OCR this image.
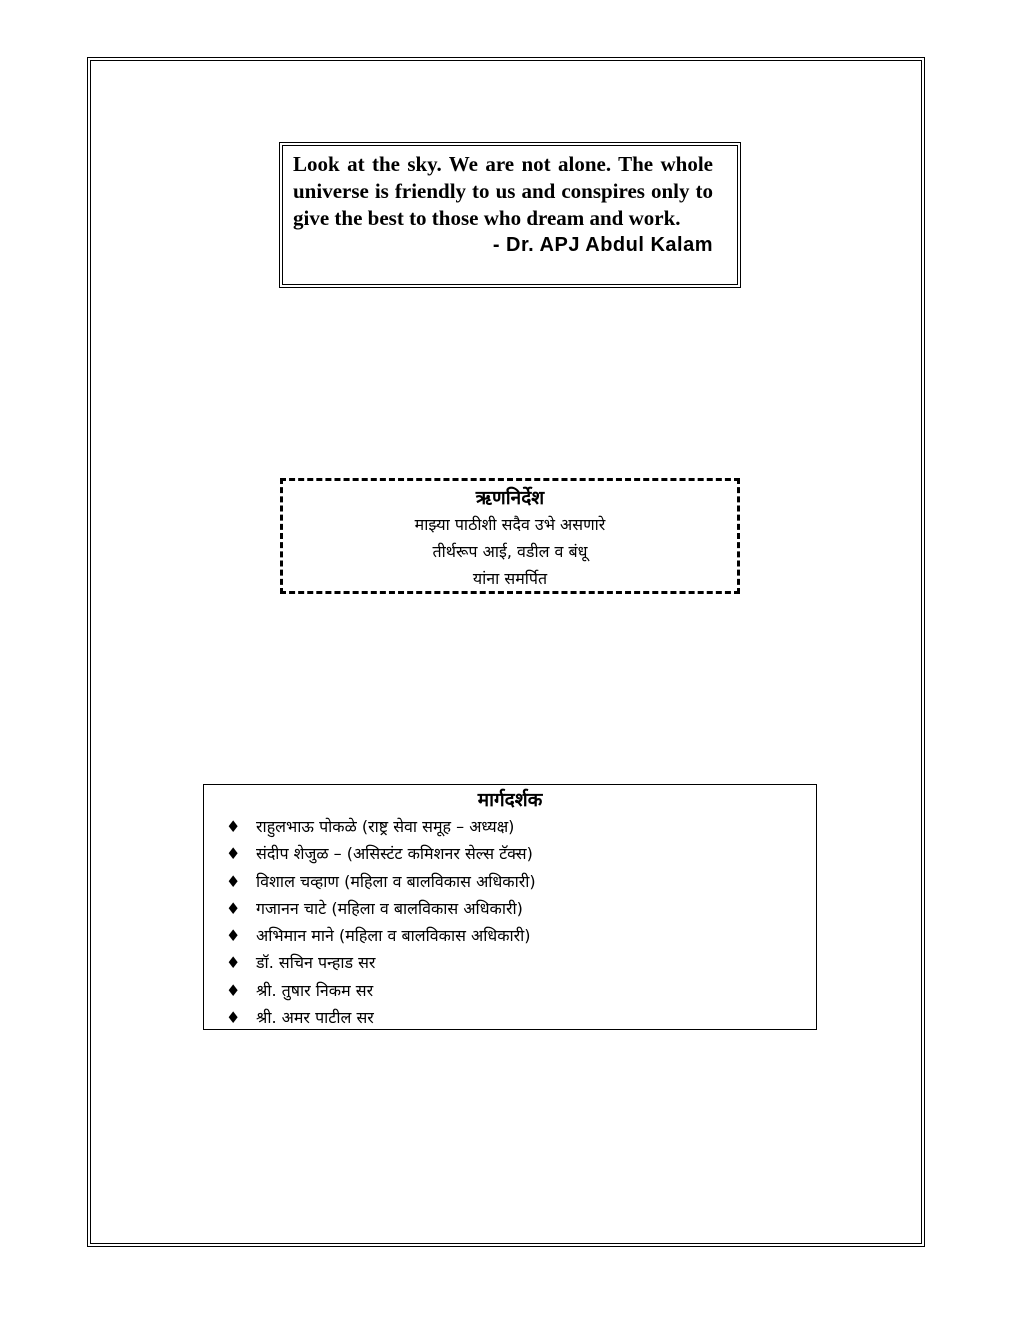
Look at the sky. We are not alone. The whole universe is friendly to us and conspires only to give the best to those who dream and work.

- Dr. APJ Abdul Kalam

ऋणनिर्देश

माझ्या पाठीशी सदैव उभे असणारे

तीर्थरूप आई, वडील व बंधू

यांना समर्पित

मार्गदर्शक

♦ राहुलभाऊ पोकळे (राष्ट्र सेवा समूह – अध्यक्ष)
♦ संदीप शेजुळ – (असिस्टंट कमिशनर सेल्स टॅक्स)
♦ विशाल चव्हाण (महिला व बालविकास अधिकारी)
♦ गजानन चाटे (महिला व बालविकास अधिकारी)
♦ अभिमान माने (महिला व बालविकास अधिकारी)
♦ डॉ. सचिन पन्हाड सर
♦ श्री. तुषार निकम सर
♦ श्री. अमर पाटील सर
